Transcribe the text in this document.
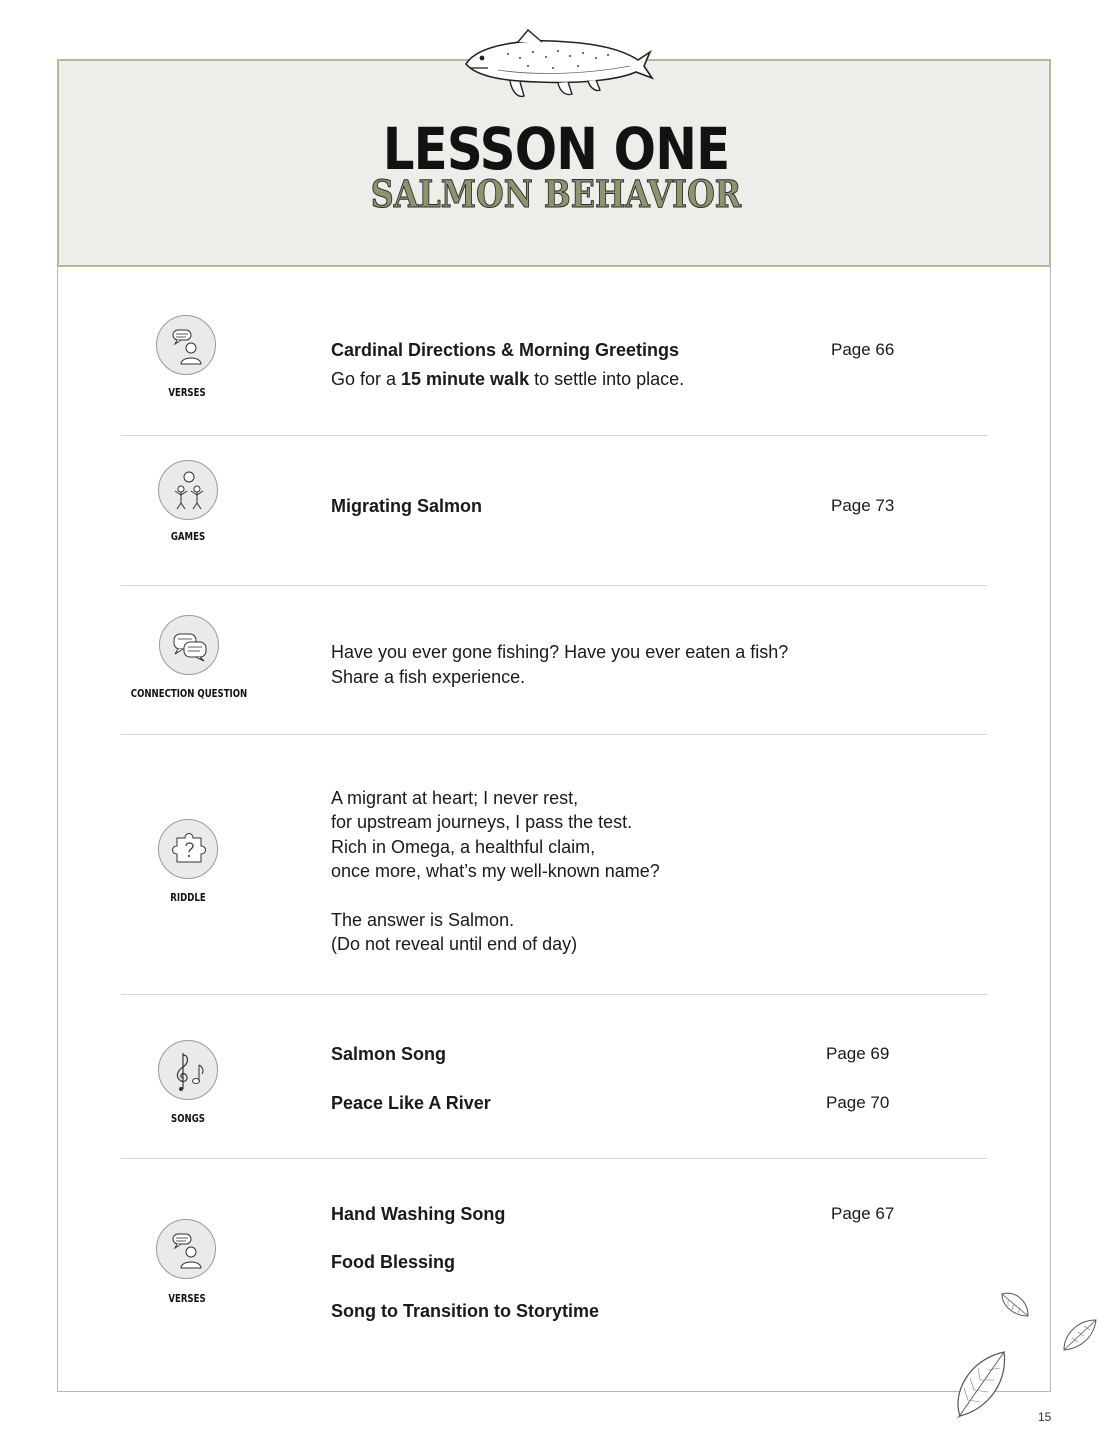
LESSON ONE
SALMON BEHAVIOR
VERSES
Cardinal Directions & Morning Greetings	Page 66
Go for a 15 minute walk to settle into place.
GAMES
Migrating Salmon	Page 73
CONNECTION QUESTION
Have you ever gone fishing? Have you ever eaten a fish?
Share a fish experience.
RIDDLE
A migrant at heart; I never rest,
for upstream journeys, I pass the test.
Rich in Omega, a healthful claim,
once more, what’s my well-known name?
The answer is Salmon.
(Do not reveal until end of day)
SONGS
Salmon Song	Page 69
Peace Like A River	Page 70
VERSES
Hand Washing Song	Page 67
Food Blessing
Song to Transition to Storytime
15
